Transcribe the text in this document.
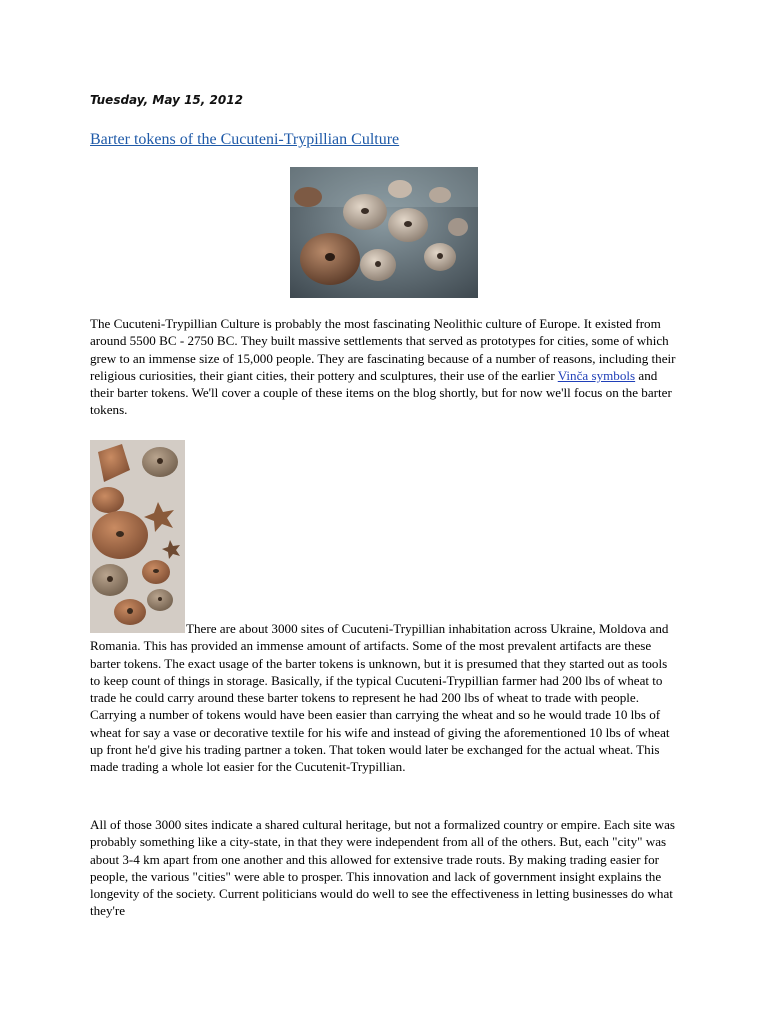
Tuesday, May 15, 2012
Barter tokens of the Cucuteni-Trypillian Culture

The Cucuteni-Trypillian Culture is probably the most fascinating Neolithic culture of Europe. It existed from around 5500 BC - 2750 BC. They built massive settlements that served as prototypes for cities, some of which grew to an immense size of 15,000 people. They are fascinating because of a number of reasons, including their religious curiosities, their giant cities, their pottery and sculptures, their use of the earlier Vinča symbols and their barter tokens. We'll cover a couple of these items on the blog shortly, but for now we'll focus on the barter tokens.

There are about 3000 sites of Cucuteni-Trypillian inhabitation across Ukraine, Moldova and Romania. This has provided an immense amount of artifacts. Some of the most prevalent artifacts are these barter tokens. The exact usage of the barter tokens is unknown, but it is presumed that they started out as tools to keep count of things in storage. Basically, if the typical Cucuteni-Trypillian farmer had 200 lbs of wheat to trade he could carry around these barter tokens to represent he had 200 lbs of wheat to trade with people. Carrying a number of tokens would have been easier than carrying the wheat and so he would trade 10 lbs of wheat for say a vase or decorative textile for his wife and instead of giving the aforementioned 10 lbs of wheat up front he'd give his trading partner a token. That token would later be exchanged for the actual wheat. This made trading a whole lot easier for the Cucutenit-Trypillian.

All of those 3000 sites indicate a shared cultural heritage, but not a formalized country or empire. Each site was probably something like a city-state, in that they were independent from all of the others. But, each "city" was about 3-4 km apart from one another and this allowed for extensive trade routs. By making trading easier for people, the various "cities" were able to prosper. This innovation and lack of government insight explains the longevity of the society. Current politicians would do well to see the effectiveness in letting businesses do what they're
